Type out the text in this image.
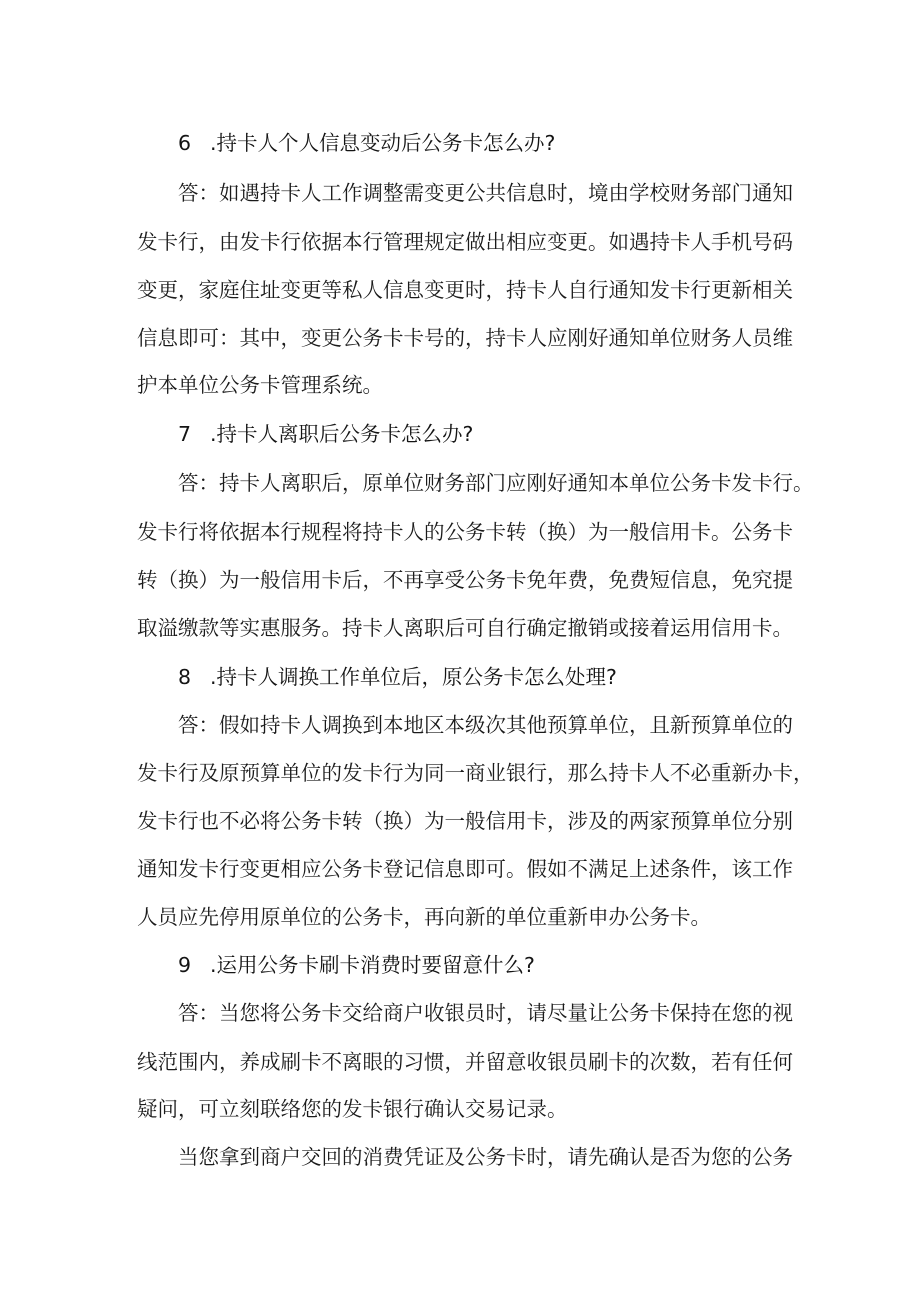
6 .持卡人个人信息变动后公务卡怎么办?
答：如遇持卡人工作调整需变更公共信息时，境由学校财务部门通知
发卡行，由发卡行依据本行管理规定做出相应变更。如遇持卡人手机号码
变更，家庭住址变更等私人信息变更时，持卡人自行通知发卡行更新相关
信息即可：其中，变更公务卡卡号的，持卡人应刚好通知单位财务人员维
护本单位公务卡管理系统。
7 .持卡人离职后公务卡怎么办?
答：持卡人离职后，原单位财务部门应刚好通知本单位公务卡发卡行。
发卡行将依据本行规程将持卡人的公务卡转（换）为一般信用卡。公务卡
转（换）为一般信用卡后，不再享受公务卡免年费，免费短信息，免究提
取溢缴款等实惠服务。持卡人离职后可自行确定撤销或接着运用信用卡。
8 .持卡人调换工作单位后，原公务卡怎么处理?
答：假如持卡人调换到本地区本级次其他预算单位，且新预算单位的
发卡行及原预算单位的发卡行为同一商业银行，那么持卡人不必重新办卡，
发卡行也不必将公务卡转（换）为一般信用卡，涉及的两家预算单位分别
通知发卡行变更相应公务卡登记信息即可。假如不满足上述条件，该工作
人员应先停用原单位的公务卡，再向新的单位重新申办公务卡。
9 .运用公务卡刷卡消费时要留意什么?
答：当您将公务卡交给商户收银员时，请尽量让公务卡保持在您的视
线范围内，养成刷卡不离眼的习惯，并留意收银员刷卡的次数，若有任何
疑问，可立刻联络您的发卡银行确认交易记录。
当您拿到商户交回的消费凭证及公务卡时，请先确认是否为您的公务
